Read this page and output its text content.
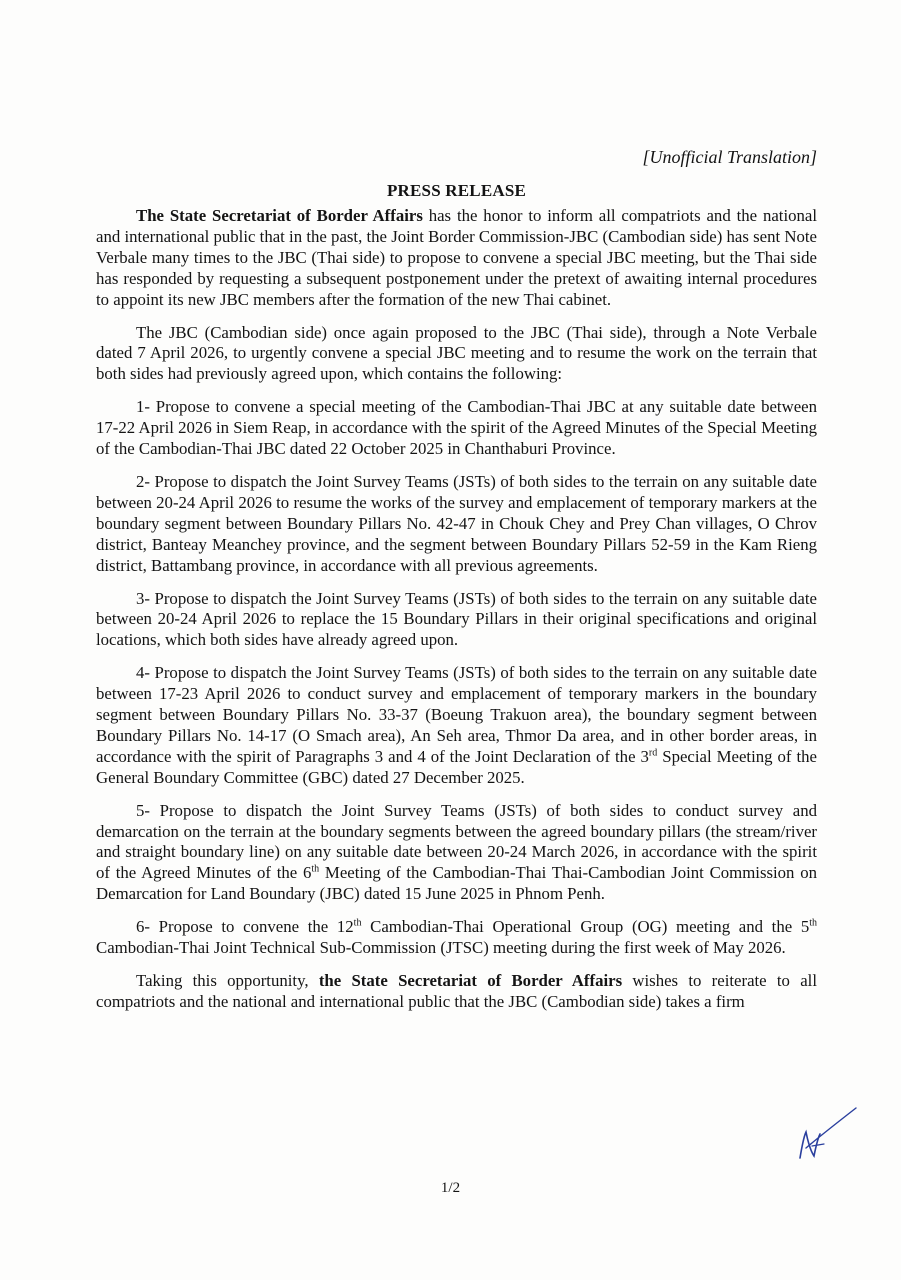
[Unofficial Translation]
PRESS RELEASE

The State Secretariat of Border Affairs has the honor to inform all compatriots and the national and international public that in the past, the Joint Border Commission-JBC (Cambodian side) has sent Note Verbale many times to the JBC (Thai side) to propose to convene a special JBC meeting, but the Thai side has responded by requesting a subsequent postponement under the pretext of awaiting internal procedures to appoint its new JBC members after the formation of the new Thai cabinet.

The JBC (Cambodian side) once again proposed to the JBC (Thai side), through a Note Verbale dated 7 April 2026, to urgently convene a special JBC meeting and to resume the work on the terrain that both sides had previously agreed upon, which contains the following:

1- Propose to convene a special meeting of the Cambodian-Thai JBC at any suitable date between 17-22 April 2026 in Siem Reap, in accordance with the spirit of the Agreed Minutes of the Special Meeting of the Cambodian-Thai JBC dated 22 October 2025 in Chanthaburi Province.

2- Propose to dispatch the Joint Survey Teams (JSTs) of both sides to the terrain on any suitable date between 20-24 April 2026 to resume the works of the survey and emplacement of temporary markers at the boundary segment between Boundary Pillars No. 42-47 in Chouk Chey and Prey Chan villages, O Chrov district, Banteay Meanchey province, and the segment between Boundary Pillars 52-59 in the Kam Rieng district, Battambang province, in accordance with all previous agreements.

3- Propose to dispatch the Joint Survey Teams (JSTs) of both sides to the terrain on any suitable date between 20-24 April 2026 to replace the 15 Boundary Pillars in their original specifications and original locations, which both sides have already agreed upon.

4- Propose to dispatch the Joint Survey Teams (JSTs) of both sides to the terrain on any suitable date between 17-23 April 2026 to conduct survey and emplacement of temporary markers in the boundary segment between Boundary Pillars No. 33-37 (Boeung Trakuon area), the boundary segment between Boundary Pillars No. 14-17 (O Smach area), An Seh area, Thmor Da area, and in other border areas, in accordance with the spirit of Paragraphs 3 and 4 of the Joint Declaration of the 3rd Special Meeting of the General Boundary Committee (GBC) dated 27 December 2025.

5- Propose to dispatch the Joint Survey Teams (JSTs) of both sides to conduct survey and demarcation on the terrain at the boundary segments between the agreed boundary pillars (the stream/river and straight boundary line) on any suitable date between 20-24 March 2026, in accordance with the spirit of the Agreed Minutes of the 6th Meeting of the Cambodian-Thai Thai-Cambodian Joint Commission on Demarcation for Land Boundary (JBC) dated 15 June 2025 in Phnom Penh.

6- Propose to convene the 12th Cambodian-Thai Operational Group (OG) meeting and the 5th Cambodian-Thai Joint Technical Sub-Commission (JTSC) meeting during the first week of May 2026.

Taking this opportunity, the State Secretariat of Border Affairs wishes to reiterate to all compatriots and the national and international public that the JBC (Cambodian side) takes a firm

1/2
